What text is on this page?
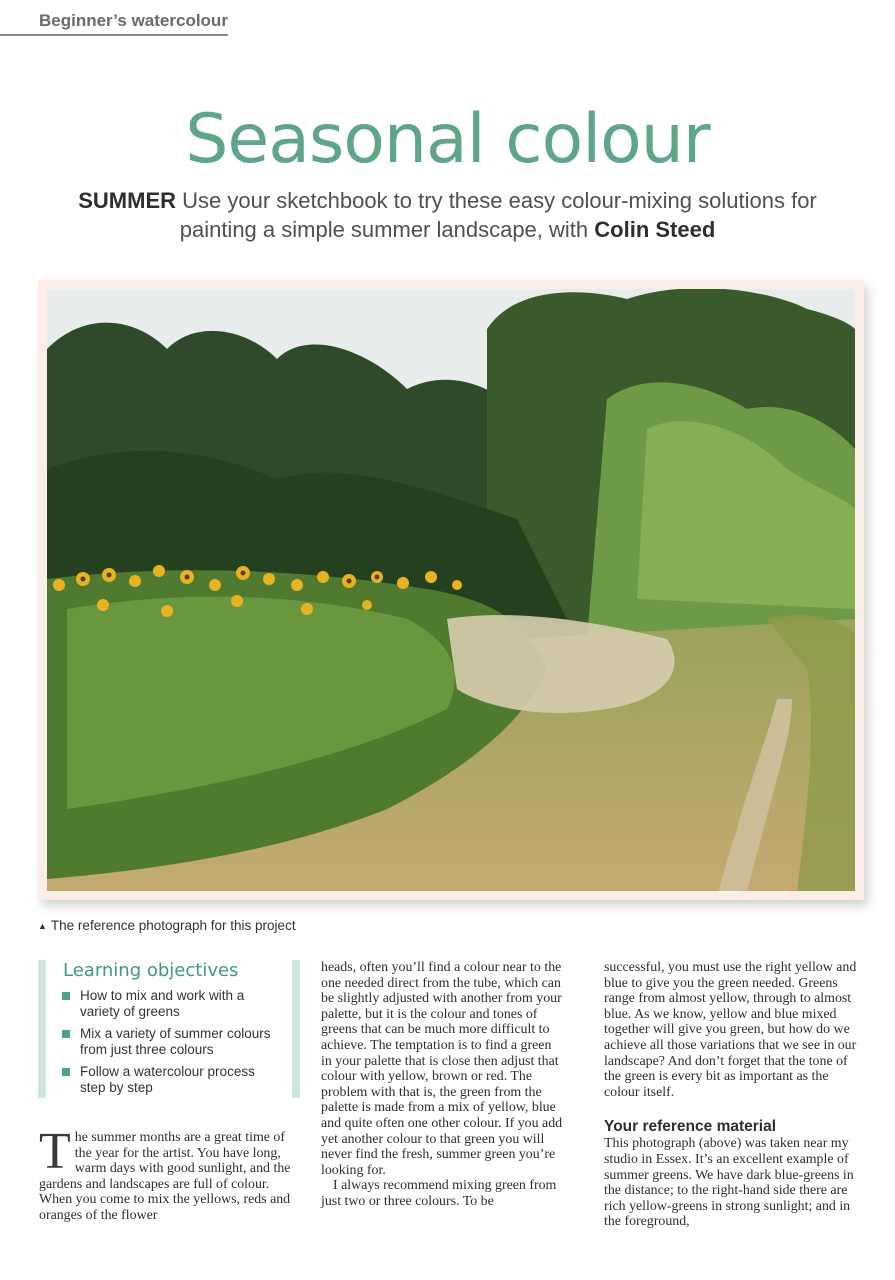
Beginner’s watercolour
Seasonal colour
SUMMER Use your sketchbook to try these easy colour-mixing solutions for painting a simple summer landscape, with Colin Steed
▲ The reference photograph for this project
Learning objectives
How to mix and work with a variety of greens
Mix a variety of summer colours from just three colours
Follow a watercolour process step by step

The summer months are a great time of the year for the artist. You have long, warm days with good sunlight, and the gardens and landscapes are full of colour. When you come to mix the yellows, reds and oranges of the flower

heads, often you’ll find a colour near to the one needed direct from the tube, which can be slightly adjusted with another from your palette, but it is the colour and tones of greens that can be much more difficult to achieve. The temptation is to find a green in your palette that is close then adjust that colour with yellow, brown or red. The problem with that is, the green from the palette is made from a mix of yellow, blue and quite often one other colour. If you add yet another colour to that green you will never find the fresh, summer green you’re looking for.

I always recommend mixing green from just two or three colours. To be

successful, you must use the right yellow and blue to give you the green needed. Greens range from almost yellow, through to almost blue. As we know, yellow and blue mixed together will give you green, but how do we achieve all those variations that we see in our landscape? And don’t forget that the tone of the green is every bit as important as the colour itself.

Your reference material

This photograph (above) was taken near my studio in Essex. It’s an excellent example of summer greens. We have dark blue-greens in the distance; to the right-hand side there are rich yellow-greens in strong sunlight; and in the foreground,
